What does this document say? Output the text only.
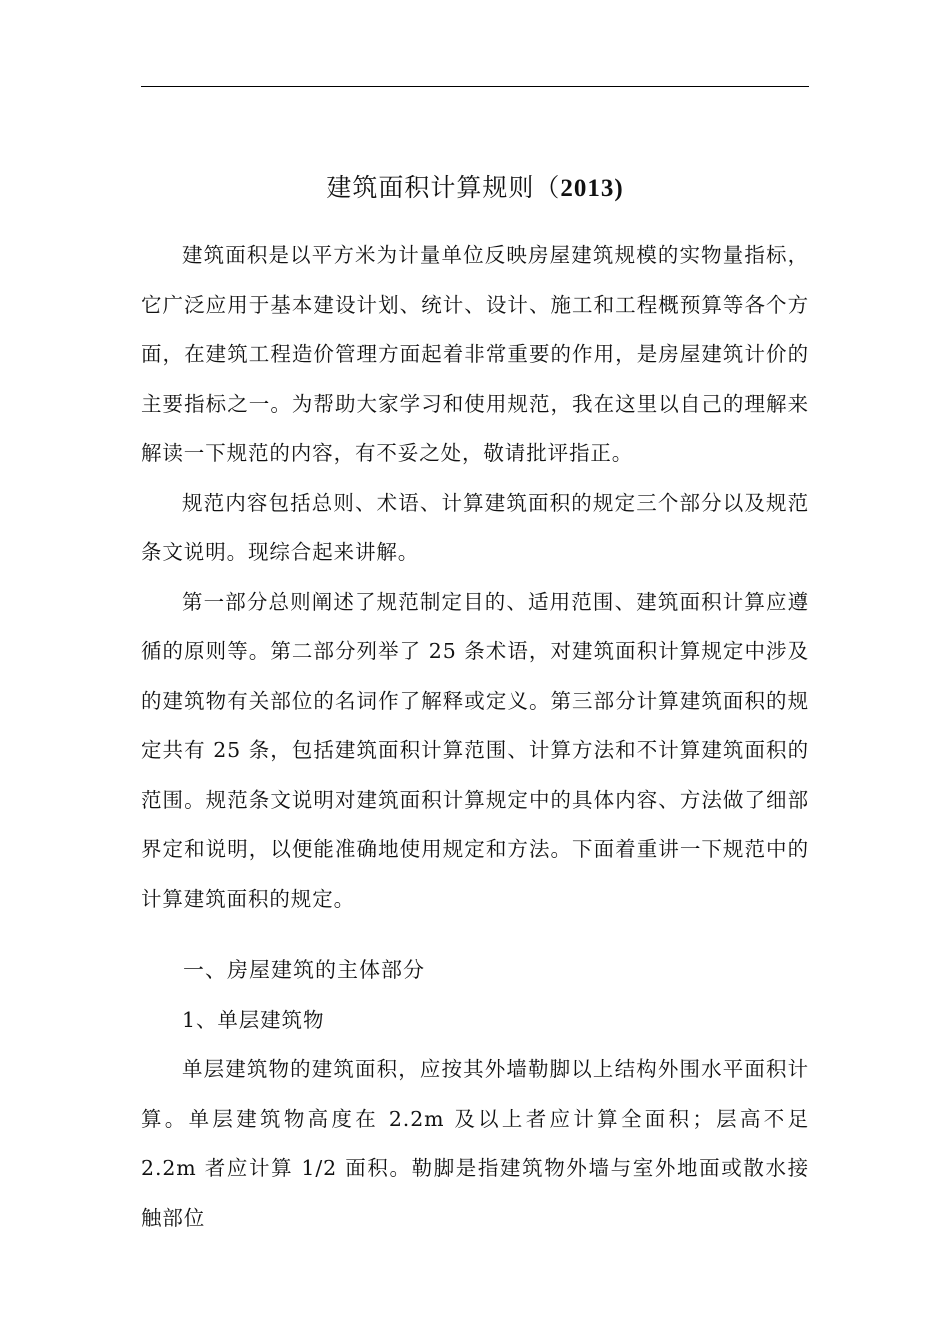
建筑面积计算规则（2013)

建筑面积是以平方米为计量单位反映房屋建筑规模的实物量指标，它广泛应用于基本建设计划、统计、设计、施工和工程概预算等各个方面，在建筑工程造价管理方面起着非常重要的作用，是房屋建筑计价的主要指标之一。为帮助大家学习和使用规范，我在这里以自己的理解来解读一下规范的内容，有不妥之处，敬请批评指正。

规范内容包括总则、术语、计算建筑面积的规定三个部分以及规范条文说明。现综合起来讲解。

第一部分总则阐述了规范制定目的、适用范围、建筑面积计算应遵循的原则等。第二部分列举了 25 条术语，对建筑面积计算规定中涉及的建筑物有关部位的名词作了解释或定义。第三部分计算建筑面积的规定共有 25 条，包括建筑面积计算范围、计算方法和不计算建筑面积的范围。规范条文说明对建筑面积计算规定中的具体内容、方法做了细部界定和说明，以便能准确地使用规定和方法。下面着重讲一下规范中的计算建筑面积的规定。

一、房屋建筑的主体部分

1、单层建筑物

单层建筑物的建筑面积，应按其外墙勒脚以上结构外围水平面积计算。单层建筑物高度在 2.2m 及以上者应计算全面积；层高不足 2.2m 者应计算 1/2 面积。勒脚是指建筑物外墙与室外地面或散水接触部位
